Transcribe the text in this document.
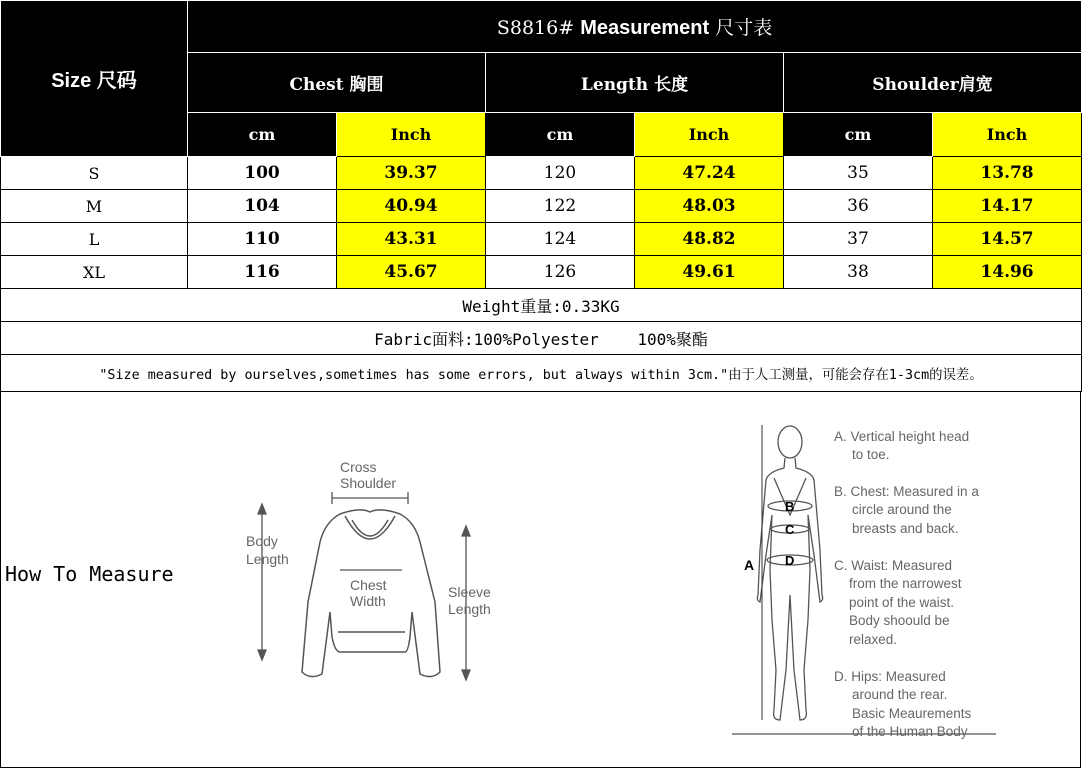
Size 尺码	S8816# Measurement 尺寸表					
	Chest 胸围		Length 长度		Shoulder肩宽	
	cm	Inch	cm	Inch	cm	Inch
S	100	39.37	120	47.24	35	13.78
M	104	40.94	122	48.03	36	14.17
L	110	43.31	124	48.82	37	14.57
XL	116	45.67	126	49.61	38	14.96
Weight重量:0.33KG						
Fabric面料:100%Polyester    100%聚酯						
"Size measured by ourselves,sometimes has some errors, but always within 3cm."由于人工测量，可能会存在1-3cm的误差。						
How To Measure
Cross
Shoulder
Body
Length
Chest
Width
Sleeve
Length
A
B
C
D
A. Vertical height head
to toe.
B. Chest: Measured in a
circle around the
breasts and back.
C. Waist: Measured
from the narrowest
point of the waist.
Body shoould be
relaxed.
D. Hips: Measured
around the rear.
Basic Meaurements
of the Human Body
